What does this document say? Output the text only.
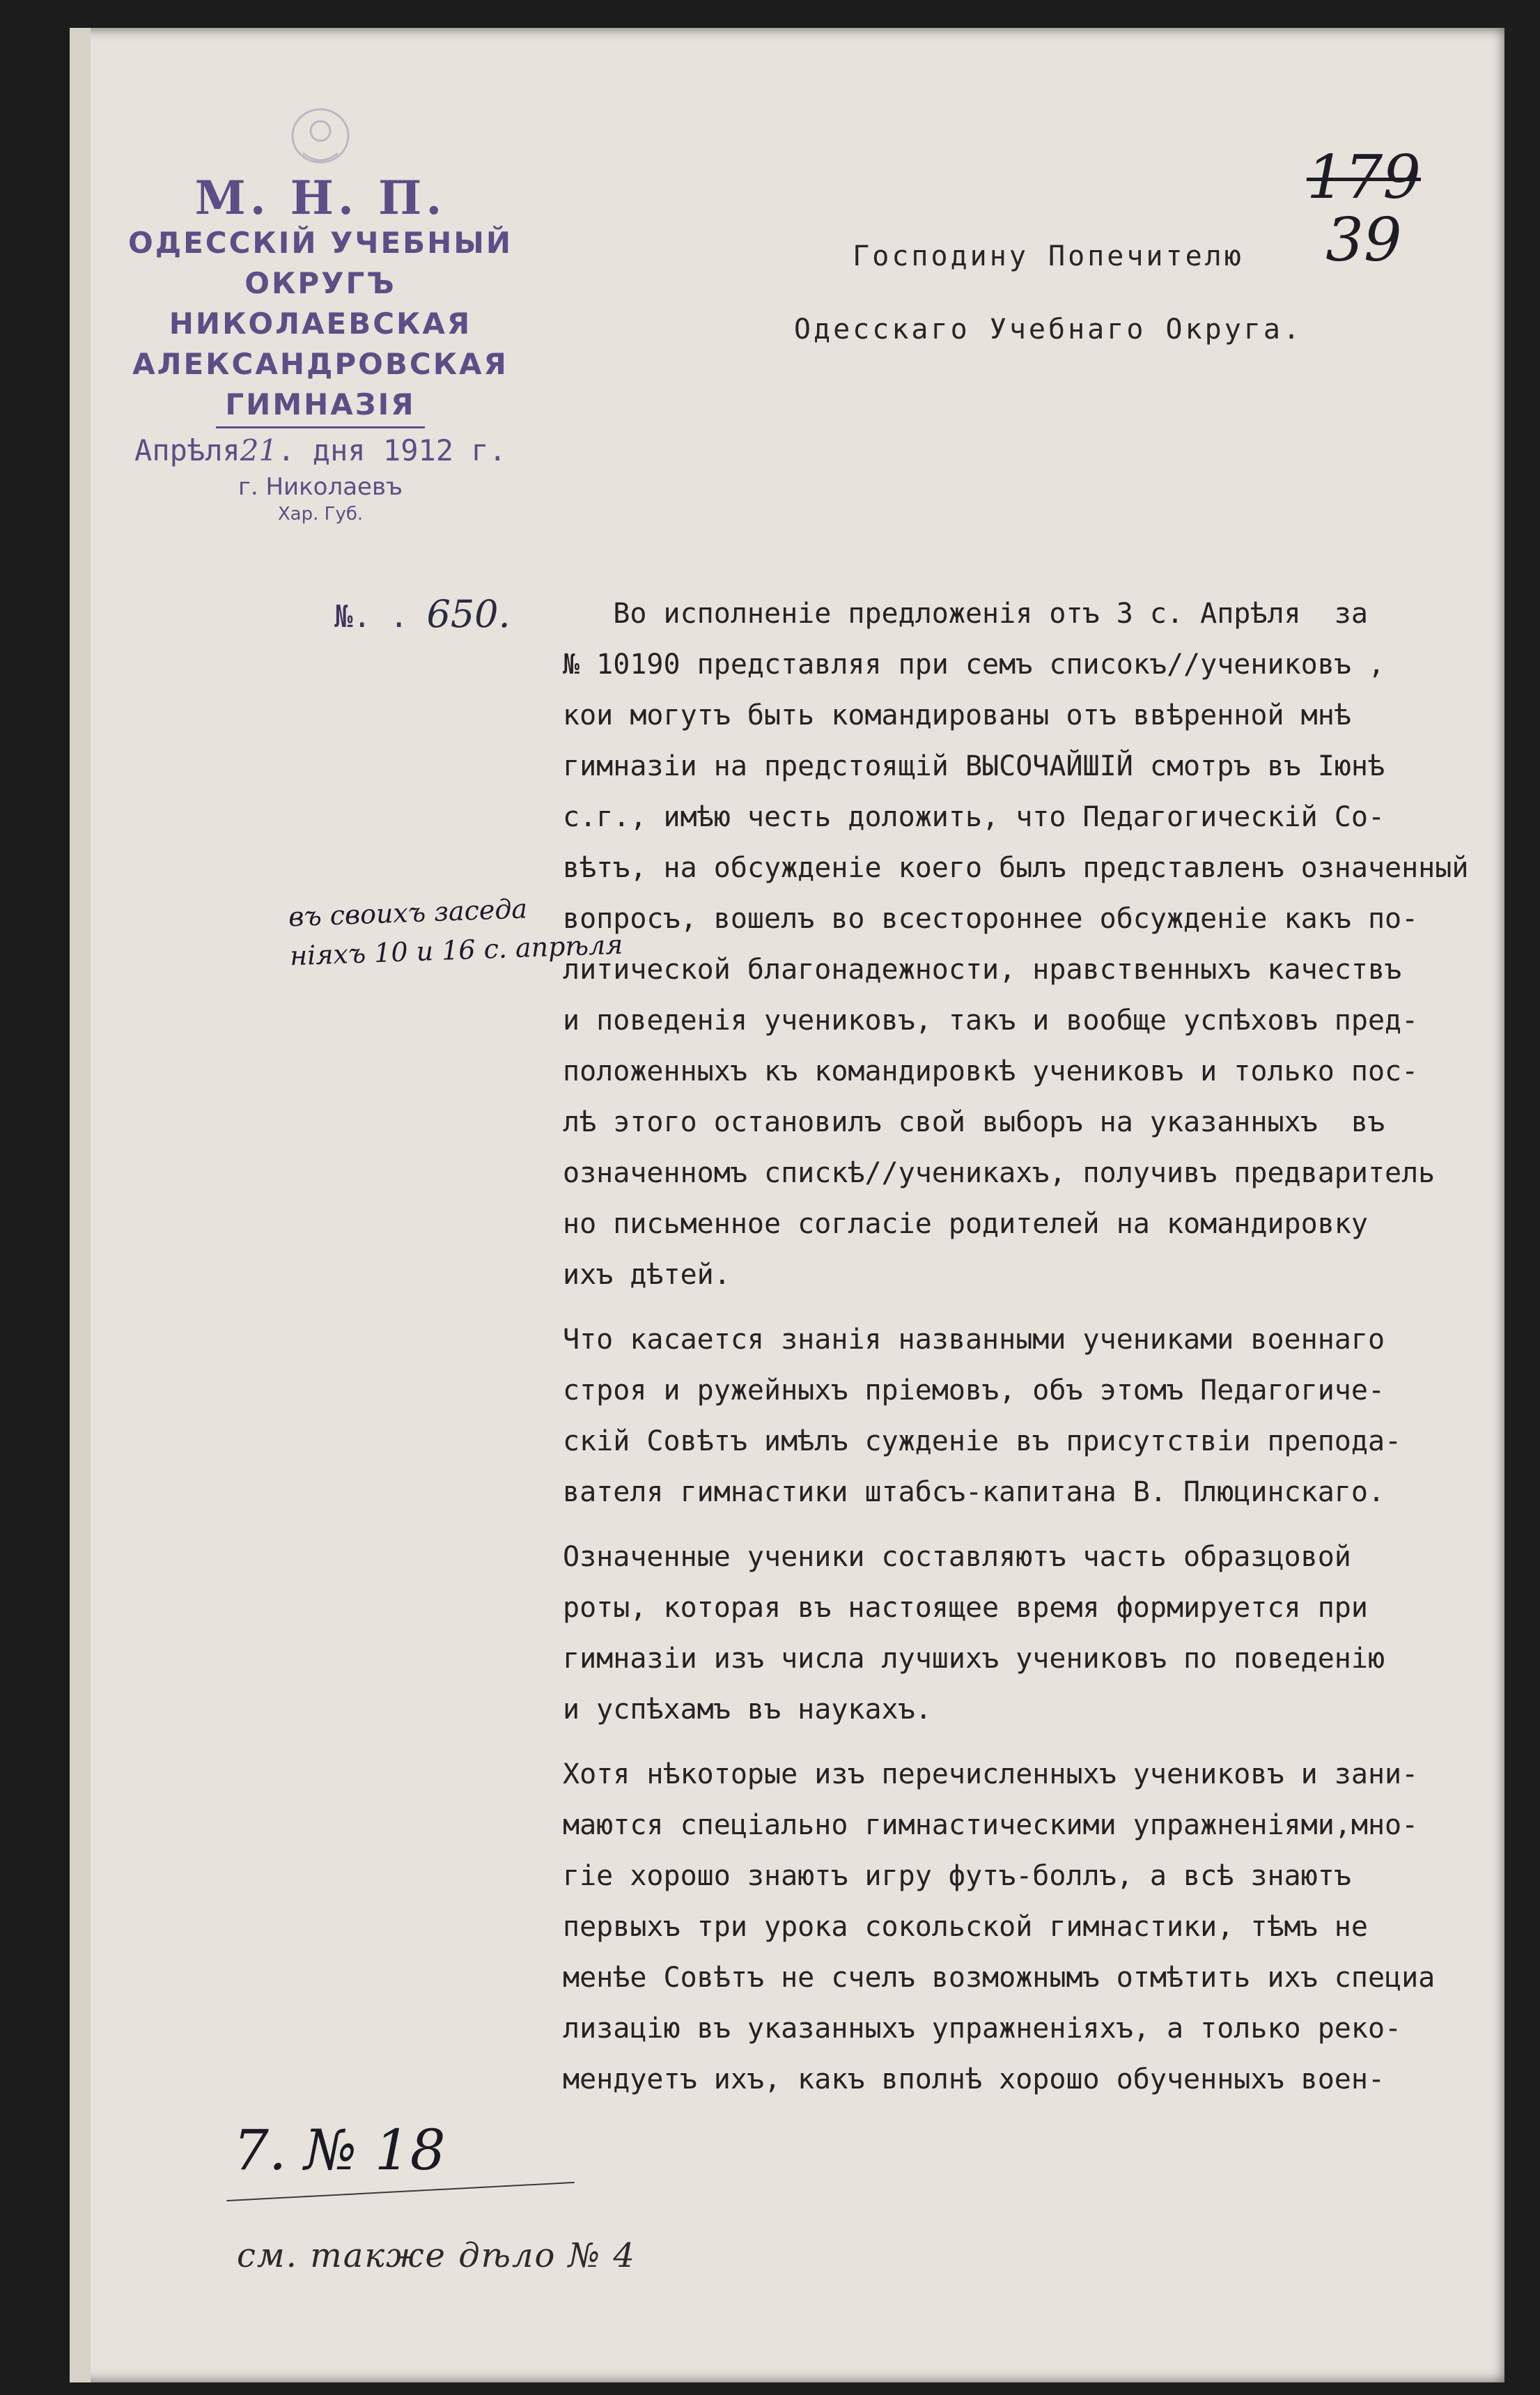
М. Н. П.
ОДЕССКІЙ УЧЕБНЫЙ ОКРУГЪ
НИКОЛАЕВСКАЯ
АЛЕКСАНДРОВСКАЯ
ГИМНАЗІЯ
Апрѣля21. дня 1912 г.
г. Николаевъ
Хар. Губ.
№. . 650.
179
39
Господину Попечителю
Одесскаго Учебнаго Округа.
Во исполненіе предложенія отъ 3 с. Апрѣля  за
№ 10190 представляя при семъ списокъ//учениковъ ,
кои могутъ быть командированы отъ ввѣренной мнѣ
гимназіи на предстоящій ВЫСОЧАЙШІЙ смотръ въ Іюнѣ
с.г., имѣю честь доложить, что Педагогическій Со-
вѣтъ, на обсужденіе коего былъ представленъ означенный
вопросъ, вошелъ во всестороннее обсужденіе какъ по-
литической благонадежности, нравственныхъ качествъ
и поведенія учениковъ, такъ и вообще успѣховъ пред-
положенныхъ къ командировкѣ учениковъ и только пос-
лѣ этого остановилъ свой выборъ на указанныхъ  въ
означенномъ спискѣ//ученикахъ, получивъ предваритель
но письменное согласіе родителей на командировку
ихъ дѣтей.
Что касается знанія названными учениками военнаго
строя и ружейныхъ пріемовъ, объ этомъ Педагогиче-
скій Совѣтъ имѣлъ сужденіе въ присутствіи препода-
вателя гимнастики штабсъ-капитана В. Плюцинскаго.
Означенные ученики составляютъ часть образцовой
роты, которая въ настоящее время формируется при
гимназіи изъ числа лучшихъ учениковъ по поведенію
и успѣхамъ въ наукахъ.
Хотя нѣкоторые изъ перечисленныхъ учениковъ и зани-
маются спеціально гимнастическими упражненіями,мно-
гіе хорошо знаютъ игру футъ-боллъ, а всѣ знаютъ
первыхъ три урока сокольской гимнастики, тѣмъ не
менѣе Совѣтъ не счелъ возможнымъ отмѣтить ихъ специа
лизацію въ указанныхъ упражненіяхъ, а только реко-
мендуетъ ихъ, какъ вполнѣ хорошо обученныхъ воен-
въ своихъ заседа
ніяхъ 10 и 16 с. апрѣля
7. № 18
см. также дѣло № 4
